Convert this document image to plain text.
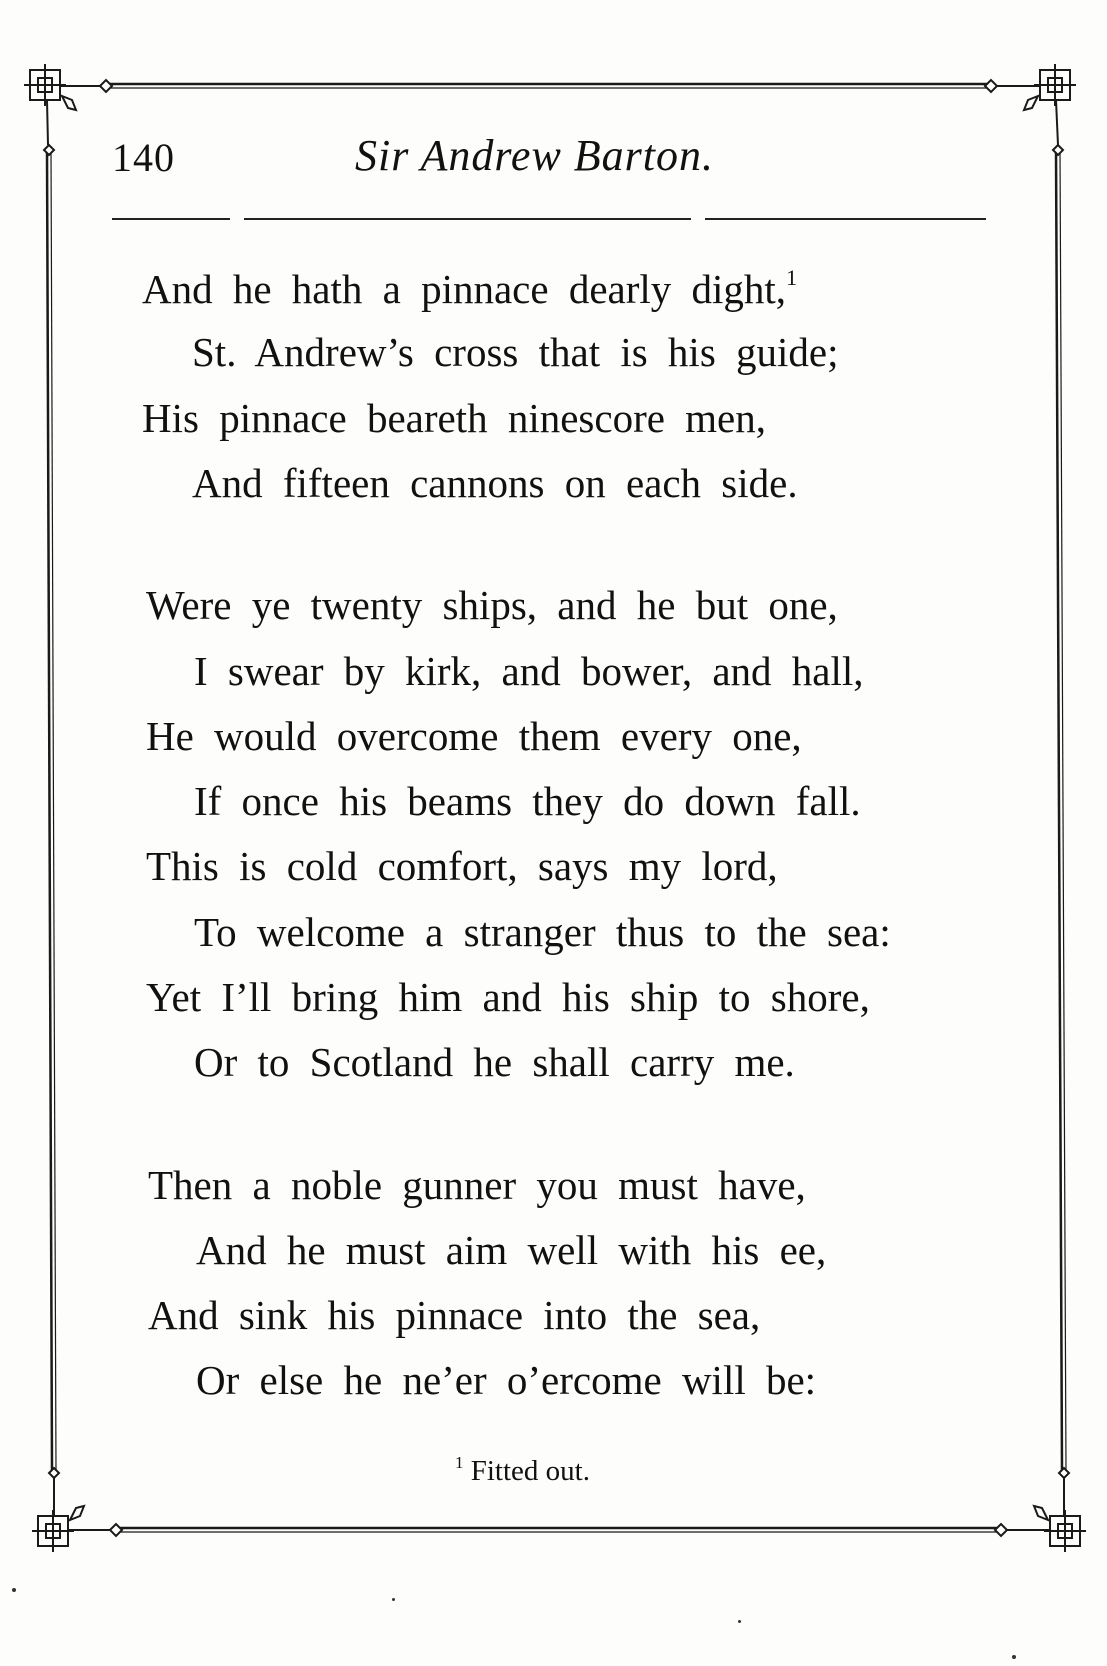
140	Sir Andrew Barton.
And he hath a pinnace dearly dight,$^1$
St. Andrew’s cross that is his guide;
His pinnace beareth ninescore men,
And fifteen cannons on each side.
Were ye twenty ships, and he but one,
I swear by kirk, and bower, and hall,
He would overcome them every one,
If once his beams they do down fall.
This is cold comfort, says my lord,
To welcome a stranger thus to the sea:
Yet I’ll bring him and his ship to shore,
Or to Scotland he shall carry me.
Then a noble gunner you must have,
And he must aim well with his ee,
And sink his pinnace into the sea,
Or else he ne’er o’ercome will be:
$^1$ Fitted out.
